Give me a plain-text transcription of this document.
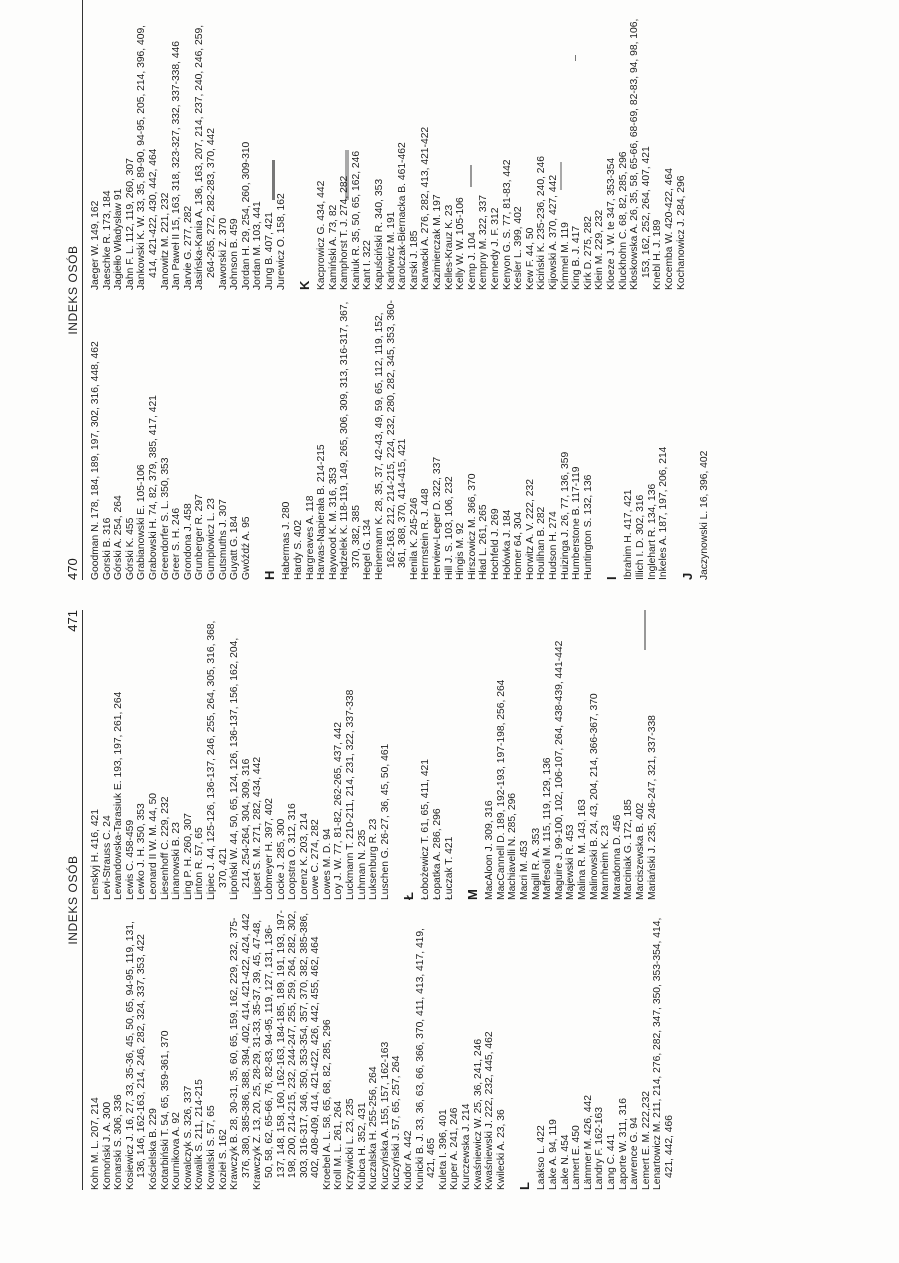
470
INDEKS OSÓB
Goodman N. 178, 184, 189, 197, 302, 316, 448, 462 Gorski B. 316 Górski A. 254, 264 Górski K. 455 Grabianowski E. 105-106 Grabowski H. 74, 82, 379, 385, 417, 421 Greendorfer S. L. 350, 353 Greer S. H. 246 Grondona J. 458 Grunberger R. 297 Gumplowicz L. 23 Gutsmuths J. 307 Guyatt G. 184 Gwóźdź A. 95 H Habermas J. 280 Hardy S. 402 Hargreaves A. 118 Harwas-Napierała B. 214-215 Haywood K. M. 316, 353 Hądzelek K. 118-119, 149, 265, 306, 309, 313, 316-317, 367, 370, 382, 385 Hegel G. 134 Heinemann K. 28, 35, 37, 42-43, 49, 59, 65, 112, 119, 152, 162-163, 212, 214-215, 224, 232, 280, 282, 345, 353, 360-361, 368, 370, 414-415, 421 Henila K. 245-246 Herrnstein R. J. 448 Herview-Leger D. 322, 337 Hill J. S. 103, 106, 232 Hingis M. 92 Hirszowicz M. 366, 370 Hład L. 261, 265 Hochfeld J. 269 Hołówka J. 184 Homer 64, 304 Horwitz A. V. 222, 232 Houlihan B. 282 Hudson H. 274 Huizinga J. 26, 77, 136, 359 Humberstone B. 117-119 Huntington S. 132, 136 I Ibrahim H. 417, 421 Illich I. D. 302, 316 Inglehart R. 134, 136 Inkeles A. 187, 197, 206, 214 J Jaczynowski L. 16, 396, 402
Jaeger W. 149, 162 Jaeschke R. 173, 184 Jagiełło Władysław 91 Jahn F. L. 112, 119, 260, 307 Jankowski K. W. 33, 35, 89-90, 94-95, 205, 214, 396, 409, 414, 421-422, 430, 442, 464 Janowitz M. 221, 232 Jan Paweł II 15, 163, 318, 323-327, 332, 337-338, 446 Jarvie G. 277, 282 Jasińska-Kania A. 136, 163, 207, 214, 237, 240, 246, 259, 264-265, 272, 282-283, 370, 442 Jaworski Z. 370 Johnson B. 459 Jordan H. 29, 254, 260, 309-310 Jordan M. 103, 441 Jung B. 407, 421 Jurewicz O. 158, 162 K Kacprowicz G. 434, 442 Kamiński A. 73, 82 Kamphorst T. J. 274, 282 Kaniuk R. 35, 50, 65, 162, 246 Kant I. 322 Kapuściński R. 340, 353 Karłowicz M. 191 Karolczak-Biernacka B. 461-462 Karski J. 185 Karwacki A. 276, 282, 413, 421-422 Kazimierczak M. 197 Kelles-Krauz K. 23 Kelly W. W. 105-106 Kemp J. 104 Kempny M. 322, 337 Kennedy J. F. 312 Kenyon G. S. 77, 81-83, 442 Kesler L. 399, 402 Kew F. 44, 50 Kiciński K. 235-236, 240, 246 Kijowski A. 370, 427, 442 Kimmel M. 119 King B. J. 417 Kirk D. 275, 282 Klein M. 229, 232 Kloeze J. W. te 347, 353-354 Kluckhohn C. 68, 82, 285, 296 Kłoskowska A. 26, 35, 58, 65-66, 68-69, 82-83, 94, 98, 106, 153, 162, 252, 264, 407, 421 Knebl H. J. 189 Kocemba W. 420-422, 464 Kochanowicz J. 284, 296
INDEKS OSÓB
471
Kohn M. L. 207, 214 Komoński J. A. 300 Konarski S. 306, 336 Kosiewicz J. 16, 27, 33, 35-36, 45, 50, 65, 94-95, 119, 131, 136, 146, 162-163, 214, 246, 282, 324, 337, 353, 422 Kościelska B. 229 Kotarbiński T. 54, 65, 359-361, 370 Kournikova A. 92 Kowalczyk S. 326, 337 Kowalik S. 211, 214-215 Kowalski S. 57, 65 Kozieł S. 162 Krawczyk B. 28, 30-31, 35, 60, 65, 159, 162, 229, 232, 375-376, 380, 385-386, 388, 394, 402, 414, 421-422, 424, 442 Krawczyk Z. 13, 20, 25, 28-29, 31-33, 35-37, 39, 45, 47-48, 50, 58, 62, 65-66, 76, 82-83, 94-95, 119, 127, 131, 136-137, 148, 158, 160, 162-163, 184-185, 189, 191, 193, 197-198, 200, 214-215, 232, 244-247, 255, 259, 264, 282, 302, 303, 316-317, 346, 350, 353-354, 357, 370, 382, 385-386, 402, 408-409, 414, 421-422, 426, 442, 455, 462, 464 Kroebel A. L. 58, 65, 68, 82, 285, 296 Kroll M. L. 261, 264 Krzywicki L. 23, 235 Kubica H. 352, 431 Kuczalska H. 255-256, 264 Kuczyńska A. 155, 157, 162-163 Kuczyński J. 57, 65, 257, 264 Kudor A. 442 Kunicki B. J. 33, 36, 63, 66, 366, 370, 411, 413, 417, 419, 421, 465 Kuleta I. 396, 401 Kuper A. 241, 246 Kurczewska J. 214 Kwaśniewicz W. 25, 36, 241, 246 Kwaśniewski J. 222, 232, 445, 462 Kwilecki A. 23, 36 L Laaksо L. 422 Lake A. 94, 119 Lake N. 454 Lamert E. 450 Lämmer M. 426, 442 Landry F. 162-163 Lang C. 441 Laporte W. 311, 316 Lawrence G. 94 Lemert E. M. 222,232 Lenartowicz M. 211, 214, 276, 282, 347, 350, 353-354, 414, 421, 442, 466
Lenskyj H. 416, 421 Levi-Strauss C. 24 Lewandowska-Tarasiuk E. 193, 197, 261, 264 Lewis C. 458-459 Lewko J. H. 350, 353 Leonard II W. M. 44, 50 Liesenhoff C. 229, 232 Linanowski B. 23 Ling P. H. 260, 307 Linton R. 57, 65 Lipiec J. 44, 125-126, 136-137, 246, 255, 264, 305, 316, 368, 370, 421 Lipoński W. 44, 50, 65, 124, 126, 136-137, 156, 162, 204, 214, 254-264, 304, 309, 316 Lipset S. M. 271, 282, 434, 442 Lobmeyer H. 397, 402 Locke J. 285, 300 Loopstra O. 312, 316 Lorenz K. 203, 214 Lowe C. 274, 282 Lowes M. D. 94 Loy J. W. 77, 81-82, 262-265, 437, 442 Luckmann T. 210-211, 214, 231, 322, 337-338 Luhman N. 235 Luksenburg R. 23 Luschen G. 26-27, 36, 45, 50, 461 Ł Łobożewicz T. 61, 65, 411, 421 Łopatka A. 286, 296 Łuczak T. 421 M MacAloon J. 309, 316 MacCannell D. 189, 192-193, 197-198, 256, 264 Machiavelli N. 285, 296 Macri M. 453 Magill R. A. 353 Maffesoli M. 115, 119, 129, 136 Maguire J. 99-100, 102, 106-107, 264, 438-439, 441-442 Majewski R. 453 Malina R. M. 143, 163 Malinowski B. 24, 43, 204, 214, 366-367, 370 Mannheim K. 23 Maradonna D. 456 Marciniak G. 172, 185 Marciszewska B. 402 Mariański J. 235, 246-247, 321, 337-338
